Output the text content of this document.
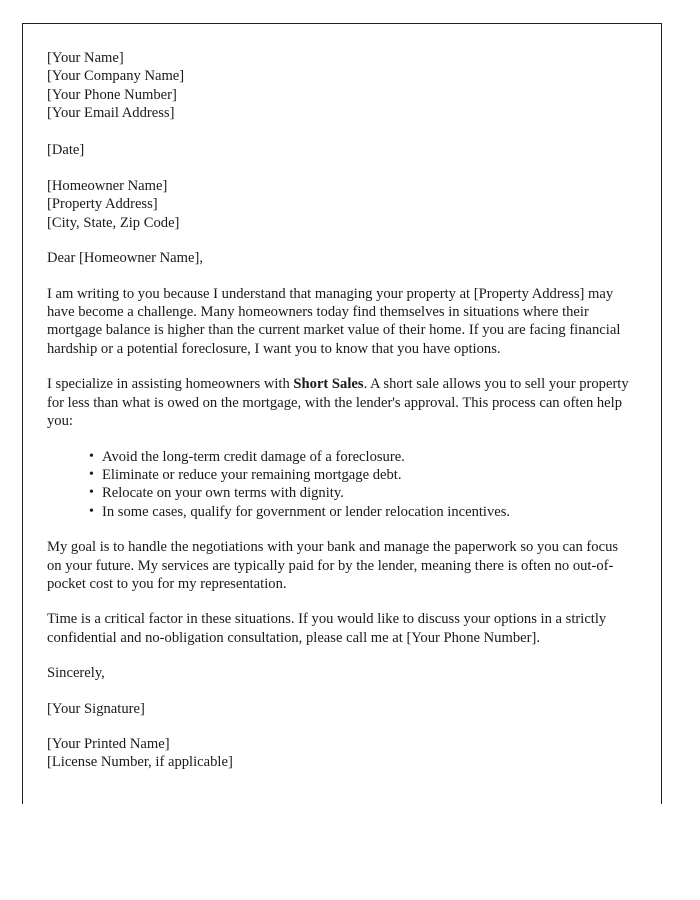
[Your Name]
[Your Company Name]
[Your Phone Number]
[Your Email Address]
[Date]
[Homeowner Name]
[Property Address]
[City, State, Zip Code]

Dear [Homeowner Name],

I am writing to you because I understand that managing your property at [Property Address] may have become a challenge. Many homeowners today find themselves in situations where their mortgage balance is higher than the current market value of their home. If you are facing financial hardship or a potential foreclosure, I want you to know that you have options.

I specialize in assisting homeowners with Short Sales. A short sale allows you to sell your property for less than what is owed on the mortgage, with the lender's approval. This process can often help you:

• Avoid the long-term credit damage of a foreclosure.
• Eliminate or reduce your remaining mortgage debt.
• Relocate on your own terms with dignity.
• In some cases, qualify for government or lender relocation incentives.

My goal is to handle the negotiations with your bank and manage the paperwork so you can focus on your future. My services are typically paid for by the lender, meaning there is often no out-of-pocket cost to you for my representation.

Time is a critical factor in these situations. If you would like to discuss your options in a strictly confidential and no-obligation consultation, please call me at [Your Phone Number].

Sincerely,

[Your Signature]

[Your Printed Name]
[License Number, if applicable]
